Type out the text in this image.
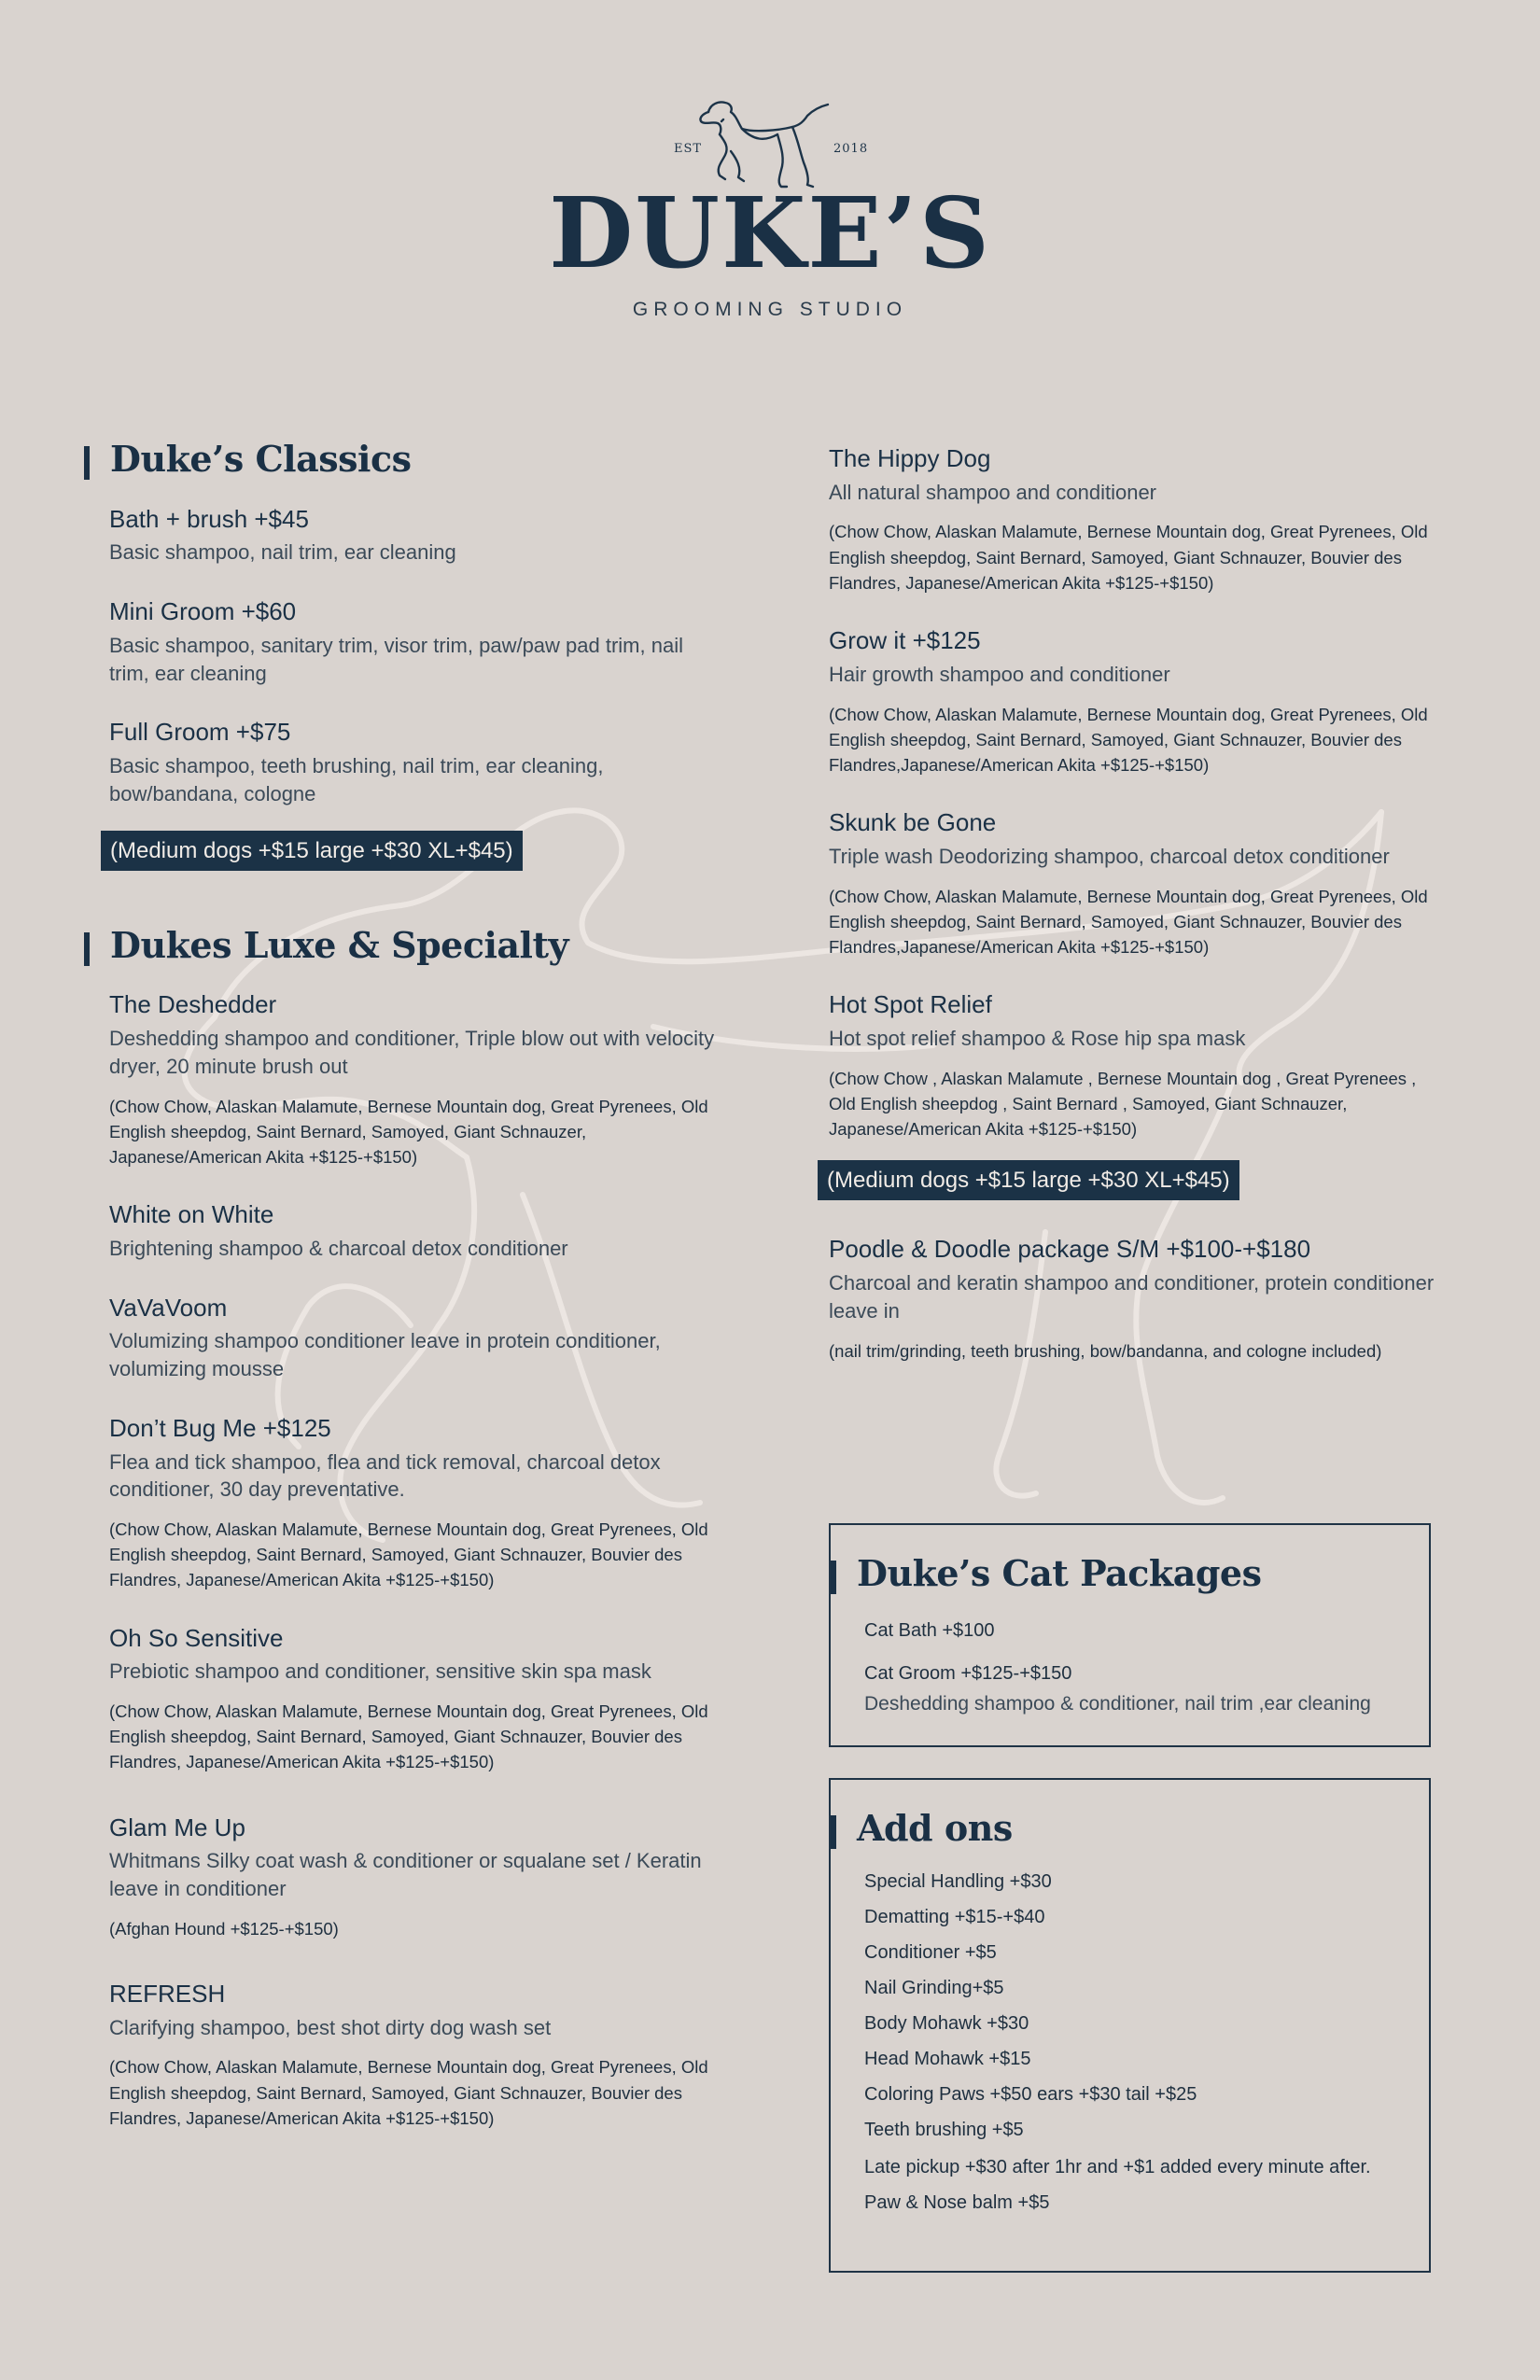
EST	2018
DUKE’S
GROOMING STUDIO
Duke’s Classics
Bath + brush +$45
Basic shampoo, nail trim, ear cleaning
Mini Groom +$60
Basic shampoo, sanitary trim, visor trim, paw/paw pad trim, nail trim, ear cleaning
Full Groom +$75
Basic shampoo, teeth brushing, nail trim, ear cleaning, bow/bandana, cologne
(Medium dogs +$15 large +$30 XL+$45)
Dukes Luxe & Specialty
The Deshedder
Deshedding shampoo and conditioner, Triple blow out with velocity dryer, 20 minute brush out
(Chow Chow, Alaskan Malamute, Bernese Mountain dog, Great Pyrenees, Old English sheepdog, Saint Bernard, Samoyed, Giant Schnauzer, Japanese/American Akita +$125-+$150)
White on White
Brightening shampoo & charcoal detox conditioner
VaVaVoom
Volumizing shampoo conditioner leave in protein conditioner, volumizing mousse
Don’t Bug Me +$125
Flea and tick shampoo, flea and tick removal, charcoal detox conditioner, 30 day preventative.
(Chow Chow, Alaskan Malamute, Bernese Mountain dog, Great Pyrenees, Old English sheepdog, Saint Bernard, Samoyed, Giant Schnauzer, Bouvier des Flandres, Japanese/American Akita +$125-+$150)
Oh So Sensitive
Prebiotic shampoo and conditioner, sensitive skin spa mask
(Chow Chow, Alaskan Malamute, Bernese Mountain dog, Great Pyrenees, Old English sheepdog, Saint Bernard, Samoyed, Giant Schnauzer, Bouvier des Flandres, Japanese/American Akita +$125-+$150)
Glam Me Up
Whitmans Silky coat wash & conditioner or squalane set / Keratin leave in conditioner
(Afghan Hound +$125-+$150)
REFRESH
Clarifying shampoo, best shot dirty dog wash set
(Chow Chow, Alaskan Malamute, Bernese Mountain dog, Great Pyrenees, Old English sheepdog, Saint Bernard, Samoyed, Giant Schnauzer, Bouvier des Flandres, Japanese/American Akita +$125-+$150)
The Hippy Dog
All natural shampoo and conditioner
(Chow Chow, Alaskan Malamute, Bernese Mountain dog, Great Pyrenees, Old English sheepdog, Saint Bernard, Samoyed, Giant Schnauzer, Bouvier des Flandres, Japanese/American Akita +$125-+$150)
Grow it +$125
Hair growth shampoo and conditioner
(Chow Chow, Alaskan Malamute, Bernese Mountain dog, Great Pyrenees, Old English sheepdog, Saint Bernard, Samoyed, Giant Schnauzer, Bouvier des Flandres,Japanese/American Akita +$125-+$150)
Skunk be Gone
Triple wash Deodorizing shampoo, charcoal detox conditioner
(Chow Chow, Alaskan Malamute, Bernese Mountain dog, Great Pyrenees, Old English sheepdog, Saint Bernard, Samoyed, Giant Schnauzer, Bouvier des Flandres,Japanese/American Akita +$125-+$150)
Hot Spot Relief
Hot spot relief shampoo & Rose hip spa mask
(Chow Chow , Alaskan Malamute , Bernese Mountain dog , Great Pyrenees , Old English sheepdog , Saint Bernard , Samoyed, Giant Schnauzer, Japanese/American Akita +$125-+$150)
(Medium dogs +$15 large +$30 XL+$45)
Poodle & Doodle package S/M +$100-+$180
Charcoal and keratin shampoo and conditioner, protein conditioner leave in
(nail trim/grinding, teeth brushing, bow/bandanna, and cologne included)
Duke’s Cat Packages
Cat Bath +$100
Cat Groom +$125-+$150
Deshedding shampoo & conditioner, nail trim ,ear cleaning
Add ons
Special Handling +$30
Dematting +$15-+$40
Conditioner +$5
Nail Grinding+$5
Body Mohawk +$30
Head Mohawk +$15
Coloring Paws +$50 ears +$30 tail +$25
Teeth brushing +$5
Late pickup +$30 after 1hr and +$1 added every minute after.
Paw & Nose balm +$5
